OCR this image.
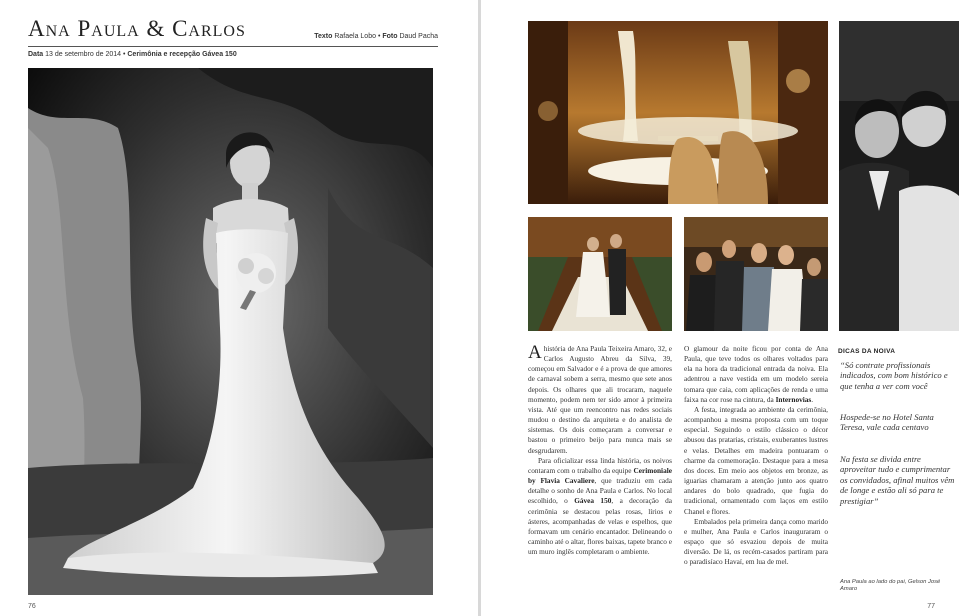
Ana Paula & Carlos	Texto Rafaela Lobo • Foto Daud Pacha
Data 13 de setembro de 2014 • Cerimônia e recepção Gávea 150
76	77

A história de Ana Paula Teixeira Amaro, 32, e Carlos Augusto Abreu da Silva, 39, começou em Salvador e é a prova de que amores de carnaval sobem a serra, mesmo que sete anos depois. Os olhares que ali trocaram, naquele momento, podem nem ter sido amor à primeira vista. Até que um reencontro nas redes sociais mudou o destino da arquiteta e do analista de sistemas. Os dois começaram a conversar e bastou o primeiro beijo para nunca mais se desgrudarem.

Para oficializar essa linda história, os noivos contaram com o trabalho da equipe Cerimoniale by Flavia Cavaliere, que traduziu em cada detalhe o sonho de Ana Paula e Carlos. No local escolhido, o Gávea 150, a decoração da cerimônia se destacou pelas rosas, lírios e ásteres, acompanhadas de velas e espelhos, que formavam um cenário encantador. Delineando o caminho até o altar, flores baixas, tapete branco e um muro inglês completaram o ambiente.

O glamour da noite ficou por conta de Ana Paula, que teve todos os olhares voltados para ela na hora da tradicional entrada da noiva. Ela adentrou a nave vestida em um modelo sereia tomara que caia, com aplicações de renda e uma faixa na cor rose na cintura, da Internovias.

A festa, integrada ao ambiente da cerimônia, acompanhou a mesma proposta com um toque especial. Seguindo o estilo clássico o décor abusou das pratarias, cristais, exuberantes lustres e velas. Detalhes em madeira pontuaram o charme da comemoração. Destaque para a mesa dos doces. Em meio aos objetos em bronze, as iguarias chamaram a atenção junto aos quatro andares do bolo quadrado, que fugia do tradicional, ornamentado com laços em estilo Chanel e flores.

Embalados pela primeira dança como marido e mulher, Ana Paula e Carlos inauguraram o espaço que só esvaziou depois de muita diversão. De lá, os recém-casados partiram para o paradisíaco Havaí, em lua de mel.

DICAS DA NOIVA
“Só contrate profissionais indicados, com bom histórico e que tenha a ver com você
Hospede-se no Hotel Santa Teresa, vale cada centavo
Na festa se divida entre aproveitar tudo e cumprimentar os convidados, afinal muitos vêm de longe e estão ali só para te prestigiar”
Ana Paula ao lado do pai, Gelson José Amaro
